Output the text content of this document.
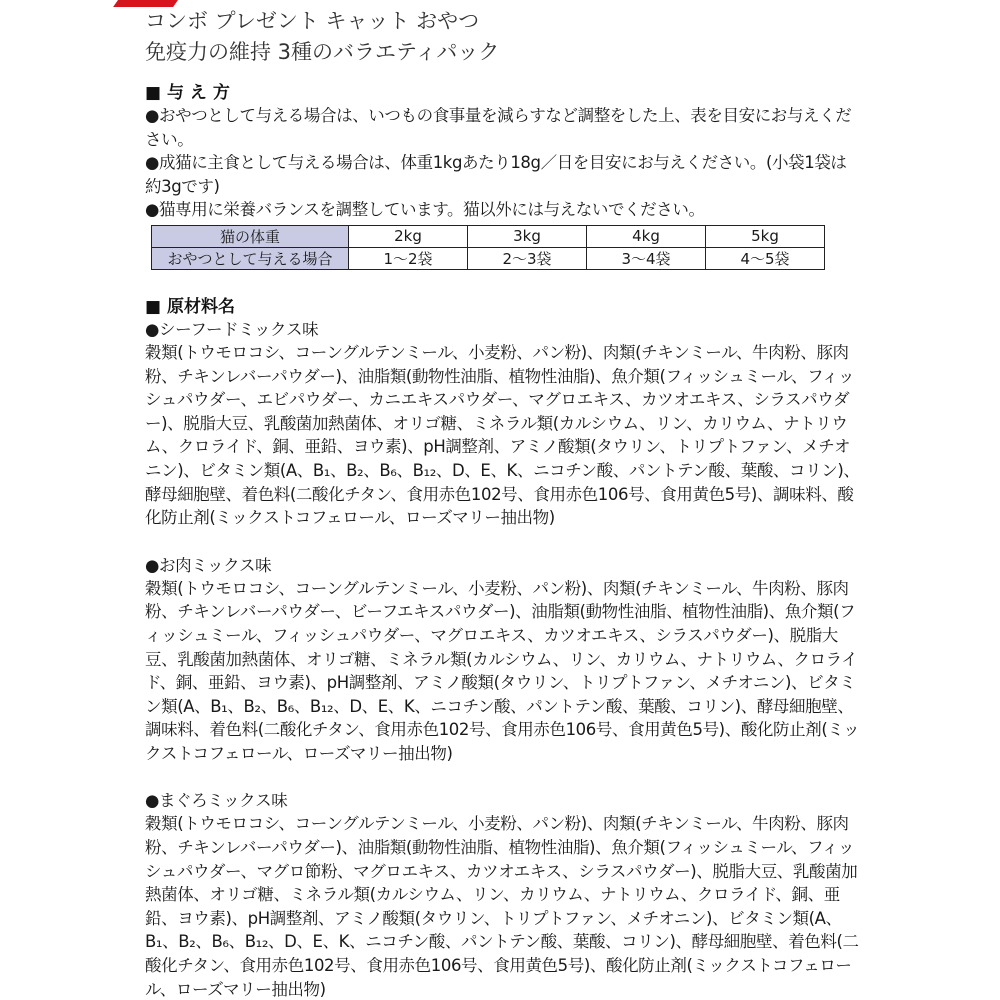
コンボ プレゼント キャット おやつ
免疫力の維持 3種のバラエティパック
■ 与 え 方
●おやつとして与える場合は、いつもの食事量を減らすなど調整をした上、表を目安にお与えください。
●成猫に主食として与える場合は、体重1kgあたり18g／日を目安にお与えください。(小袋1袋は約3gです)
●猫専用に栄養バランスを調整しています。猫以外には与えないでください。
猫の体重	2kg	3kg	4kg	5kg
おやつとして与える場合	1～2袋	2～3袋	3～4袋	4～5袋
■ 原材料名
●シーフードミックス味
穀類(トウモロコシ、コーングルテンミール、小麦粉、パン粉)、肉類(チキンミール、牛肉粉、豚肉粉、チキンレバーパウダー)、油脂類(動物性油脂、植物性油脂)、魚介類(フィッシュミール、フィッシュパウダー、エビパウダー、カニエキスパウダー、マグロエキス、カツオエキス、シラスパウダー)、脱脂大豆、乳酸菌加熱菌体、オリゴ糖、ミネラル類(カルシウム、リン、カリウム、ナトリウム、クロライド、銅、亜鉛、ヨウ素)、pH調整剤、アミノ酸類(タウリン、トリプトファン、メチオニン)、ビタミン類(A、B₁、B₂、B₆、B₁₂、D、E、K、ニコチン酸、パントテン酸、葉酸、コリン)、酵母細胞壁、着色料(二酸化チタン、食用赤色102号、食用赤色106号、食用黄色5号)、調味料、酸化防止剤(ミックストコフェロール、ローズマリー抽出物)
●お肉ミックス味
穀類(トウモロコシ、コーングルテンミール、小麦粉、パン粉)、肉類(チキンミール、牛肉粉、豚肉粉、チキンレバーパウダー、ビーフエキスパウダー)、油脂類(動物性油脂、植物性油脂)、魚介類(フィッシュミール、フィッシュパウダー、マグロエキス、カツオエキス、シラスパウダー)、脱脂大豆、乳酸菌加熱菌体、オリゴ糖、ミネラル類(カルシウム、リン、カリウム、ナトリウム、クロライド、銅、亜鉛、ヨウ素)、pH調整剤、アミノ酸類(タウリン、トリプトファン、メチオニン)、ビタミン類(A、B₁、B₂、B₆、B₁₂、D、E、K、ニコチン酸、パントテン酸、葉酸、コリン)、酵母細胞壁、調味料、着色料(二酸化チタン、食用赤色102号、食用赤色106号、食用黄色5号)、酸化防止剤(ミックストコフェロール、ローズマリー抽出物)
●まぐろミックス味
穀類(トウモロコシ、コーングルテンミール、小麦粉、パン粉)、肉類(チキンミール、牛肉粉、豚肉粉、チキンレバーパウダー)、油脂類(動物性油脂、植物性油脂)、魚介類(フィッシュミール、フィッシュパウダー、マグロ節粉、マグロエキス、カツオエキス、シラスパウダー)、脱脂大豆、乳酸菌加熱菌体、オリゴ糖、ミネラル類(カルシウム、リン、カリウム、ナトリウム、クロライド、銅、亜鉛、ヨウ素)、pH調整剤、アミノ酸類(タウリン、トリプトファン、メチオニン)、ビタミン類(A、B₁、B₂、B₆、B₁₂、D、E、K、ニコチン酸、パントテン酸、葉酸、コリン)、酵母細胞壁、着色料(二酸化チタン、食用赤色102号、食用赤色106号、食用黄色5号)、酸化防止剤(ミックストコフェロール、ローズマリー抽出物)
